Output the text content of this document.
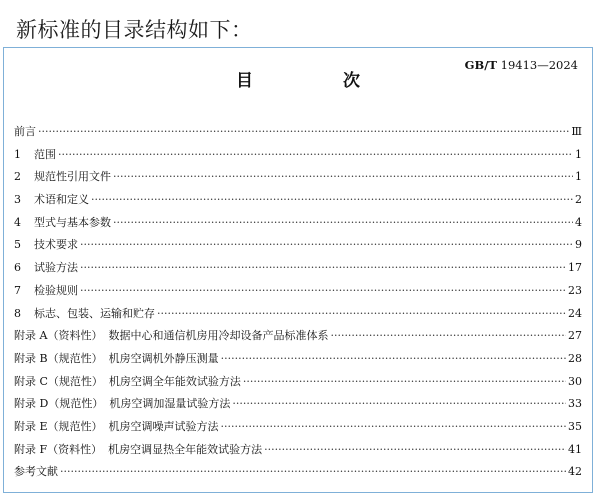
新标准的目录结构如下：
GB/T 19413—2024
目 次
前言 ·····	Ⅲ
1	范围 ·····	1
2	规范性引用文件 ·····	1
3	术语和定义 ·····	2
4	型式与基本参数 ·····	4
5	技术要求 ·····	9
6	试验方法 ·····	17
7	检验规则 ·····	23
8	标志、包装、运输和贮存 ·····	24
附录 A（资料性） 数据中心和通信机房用冷却设备产品标准体系 ·····	27
附录 B（规范性） 机房空调机外静压测量 ·····	28
附录 C（规范性） 机房空调全年能效试验方法 ·····	30
附录 D（规范性） 机房空调加湿量试验方法 ·····	33
附录 E（规范性） 机房空调噪声试验方法 ·····	35
附录 F（资料性） 机房空调显热全年能效试验方法 ·····	41
参考文献 ·····	42
